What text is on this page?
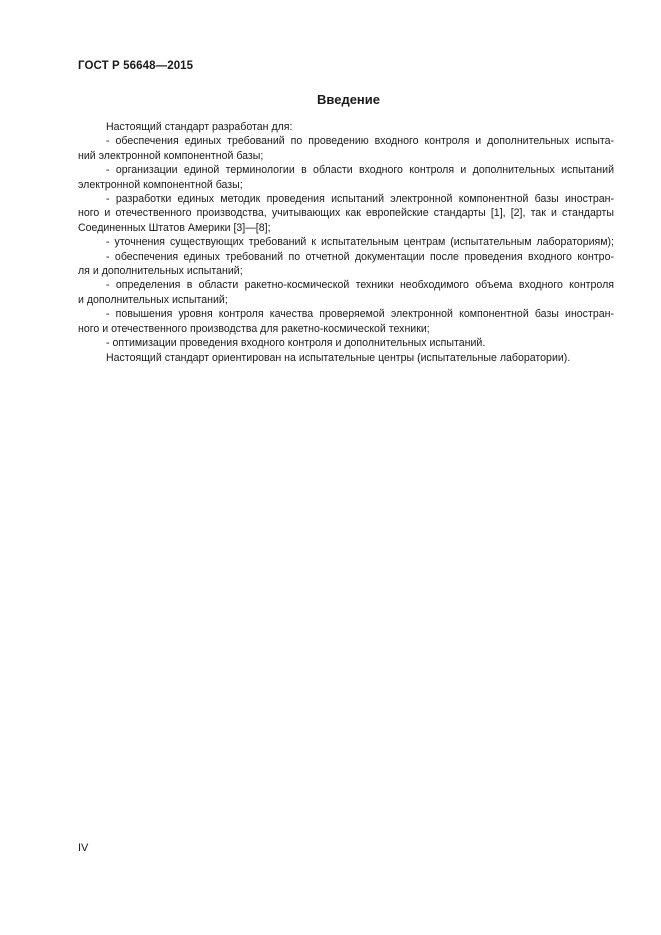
ГОСТ Р 56648—2015
Введение
Настоящий стандарт разработан для:
- обеспечения единых требований по проведению входного контроля и дополнительных испыта-
ний электронной компонентной базы;
- организации единой терминологии в области входного контроля и дополнительных испытаний
электронной компонентной базы;
- разработки единых методик проведения испытаний электронной компонентной базы иностран-
ного и отечественного производства, учитывающих как европейские стандарты [1], [2], так и стандарты
Соединенных Штатов Америки [3]—[8];
- уточнения существующих требований к испытательным центрам (испытательным лабораториям);
- обеспечения единых требований по отчетной документации после проведения входного контро-
ля и дополнительных испытаний;
- определения в области ракетно-космической техники необходимого объема входного контроля
и дополнительных испытаний;
- повышения уровня контроля качества проверяемой электронной компонентной базы иностран-
ного и отечественного производства для ракетно-космической техники;
- оптимизации проведения входного контроля и дополнительных испытаний.
Настоящий стандарт ориентирован на испытательные центры (испытательные лаборатории).
IV
